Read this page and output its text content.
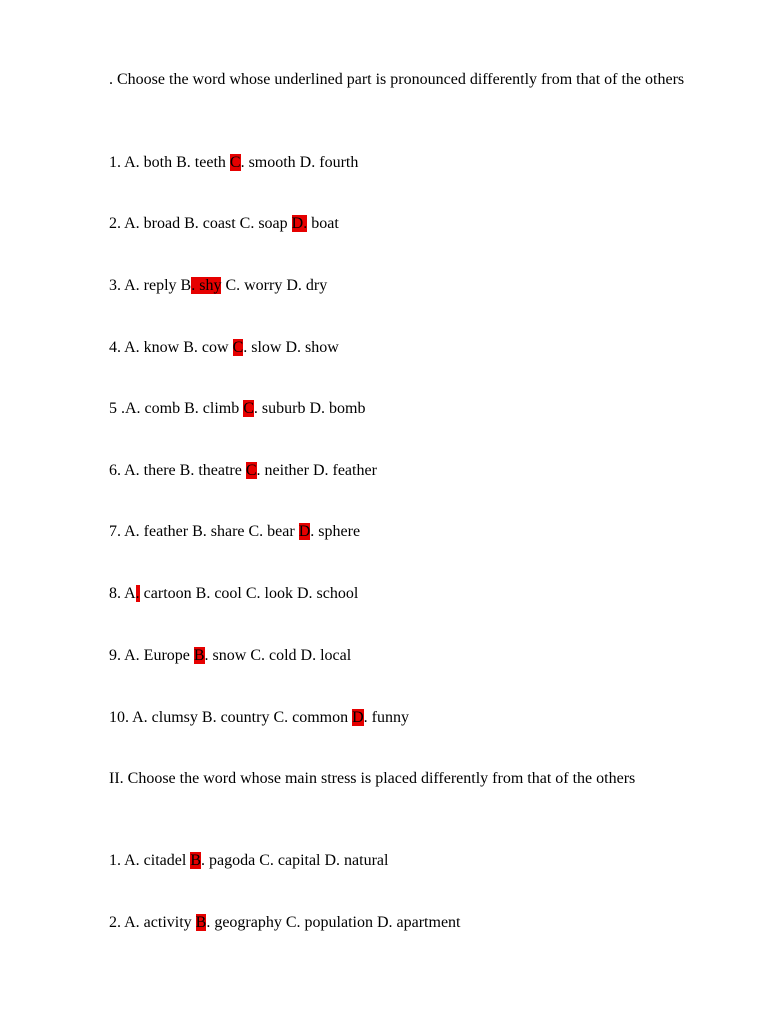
. Choose the word whose underlined part is pronounced differently from that of the others
1. A. both B. teeth C. smooth D. fourth
2. A. broad B. coast C. soap D. boat
3. A. reply B. shy C. worry D. dry
4. A. know B. cow C. slow D. show
5 .A. comb B. climb C. suburb D. bomb
6. A. there B. theatre C. neither D. feather
7. A. feather B. share C. bear D. sphere
8. A. cartoon B. cool C. look D. school
9. A. Europe B. snow C. cold D. local
10. A. clumsy B. country C. common D. funny
II. Choose the word whose main stress is placed differently from that of the others
1. A. citadel B. pagoda C. capital D. natural
2. A. activity B. geography C. population D. apartment
